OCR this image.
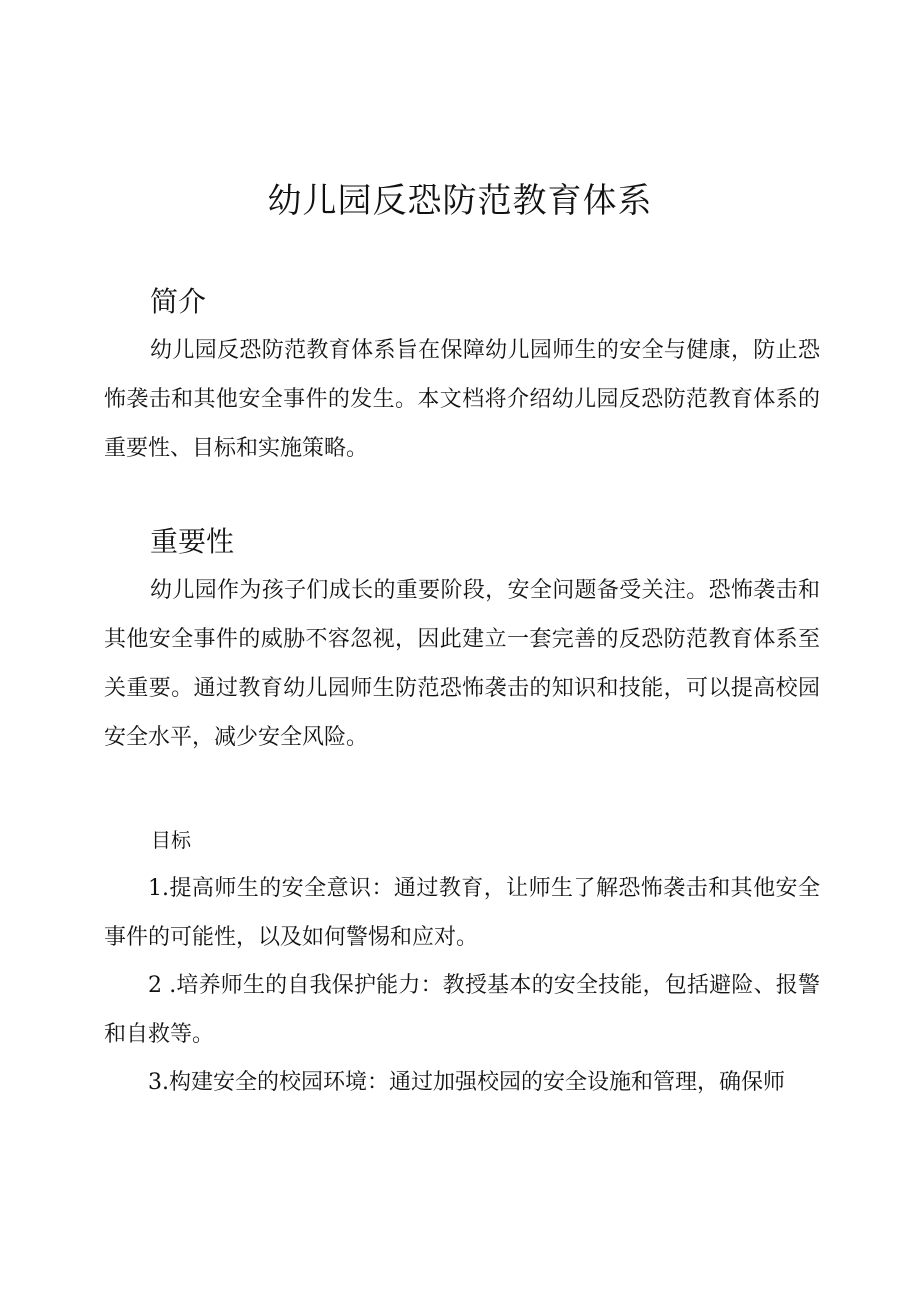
幼儿园反恐防范教育体系
简介

幼儿园反恐防范教育体系旨在保障幼儿园师生的安全与健康，防止恐怖袭击和其他安全事件的发生。本文档将介绍幼儿园反恐防范教育体系的重要性、目标和实施策略。

重要性

幼儿园作为孩子们成长的重要阶段，安全问题备受关注。恐怖袭击和其他安全事件的威胁不容忽视，因此建立一套完善的反恐防范教育体系至关重要。通过教育幼儿园师生防范恐怖袭击的知识和技能，可以提高校园安全水平，减少安全风险。

目标

1.提高师生的安全意识：通过教育，让师生了解恐怖袭击和其他安全事件的可能性，以及如何警惕和应对。

2 .培养师生的自我保护能力：教授基本的安全技能，包括避险、报警和自救等。

3.构建安全的校园环境：通过加强校园的安全设施和管理，确保师
